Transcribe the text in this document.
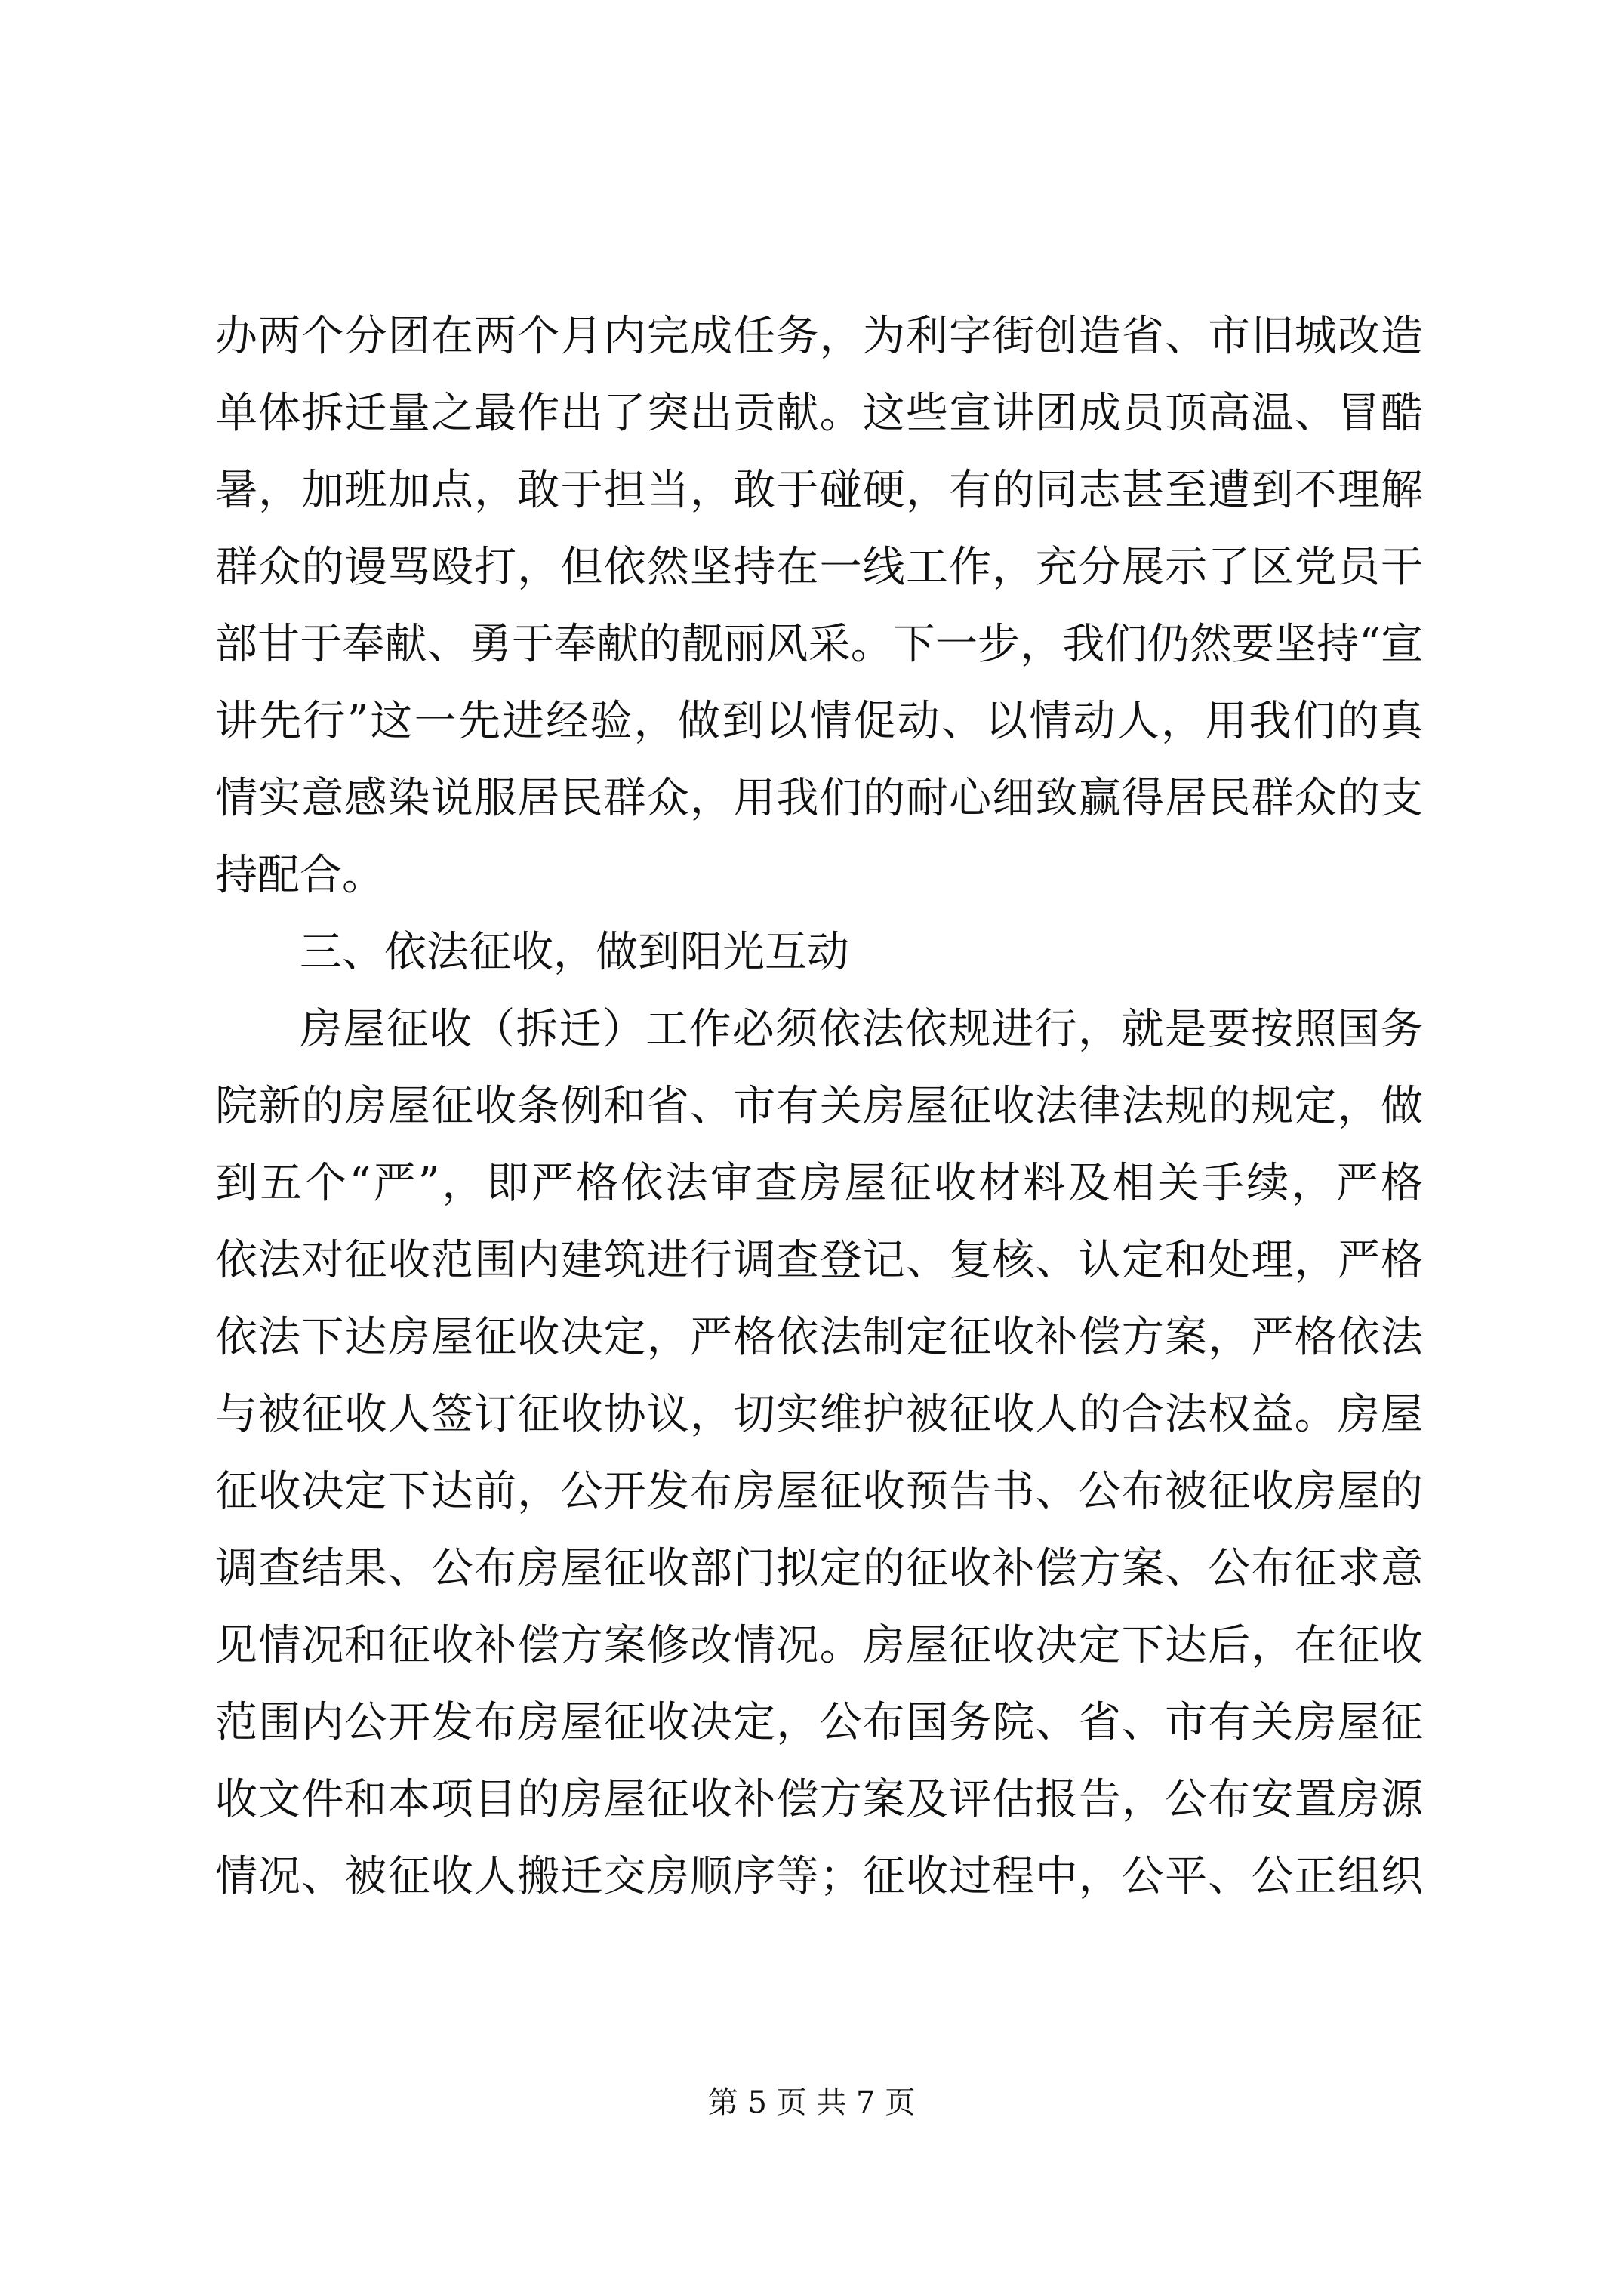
办两个分团在两个月内完成任务，为利字街创造省、市旧城改造
单体拆迁量之最作出了突出贡献。这些宣讲团成员顶高温、冒酷
暑，加班加点，敢于担当，敢于碰硬，有的同志甚至遭到不理解
群众的谩骂殴打，但依然坚持在一线工作，充分展示了区党员干
部甘于奉献、勇于奉献的靓丽风采。下一步，我们仍然要坚持“宣
讲先行”这一先进经验，做到以情促动、以情动人，用我们的真
情实意感染说服居民群众，用我们的耐心细致赢得居民群众的支
持配合。
三、依法征收，做到阳光互动
房屋征收（拆迁）工作必须依法依规进行，就是要按照国务
院新的房屋征收条例和省、市有关房屋征收法律法规的规定，做
到五个“严”，即严格依法审查房屋征收材料及相关手续，严格
依法对征收范围内建筑进行调查登记、复核、认定和处理，严格
依法下达房屋征收决定，严格依法制定征收补偿方案，严格依法
与被征收人签订征收协议，切实维护被征收人的合法权益。房屋
征收决定下达前，公开发布房屋征收预告书、公布被征收房屋的
调查结果、公布房屋征收部门拟定的征收补偿方案、公布征求意
见情况和征收补偿方案修改情况。房屋征收决定下达后，在征收
范围内公开发布房屋征收决定，公布国务院、省、市有关房屋征
收文件和本项目的房屋征收补偿方案及评估报告，公布安置房源
情况、被征收人搬迁交房顺序等；征收过程中，公平、公正组织
第 5 页 共 7 页
